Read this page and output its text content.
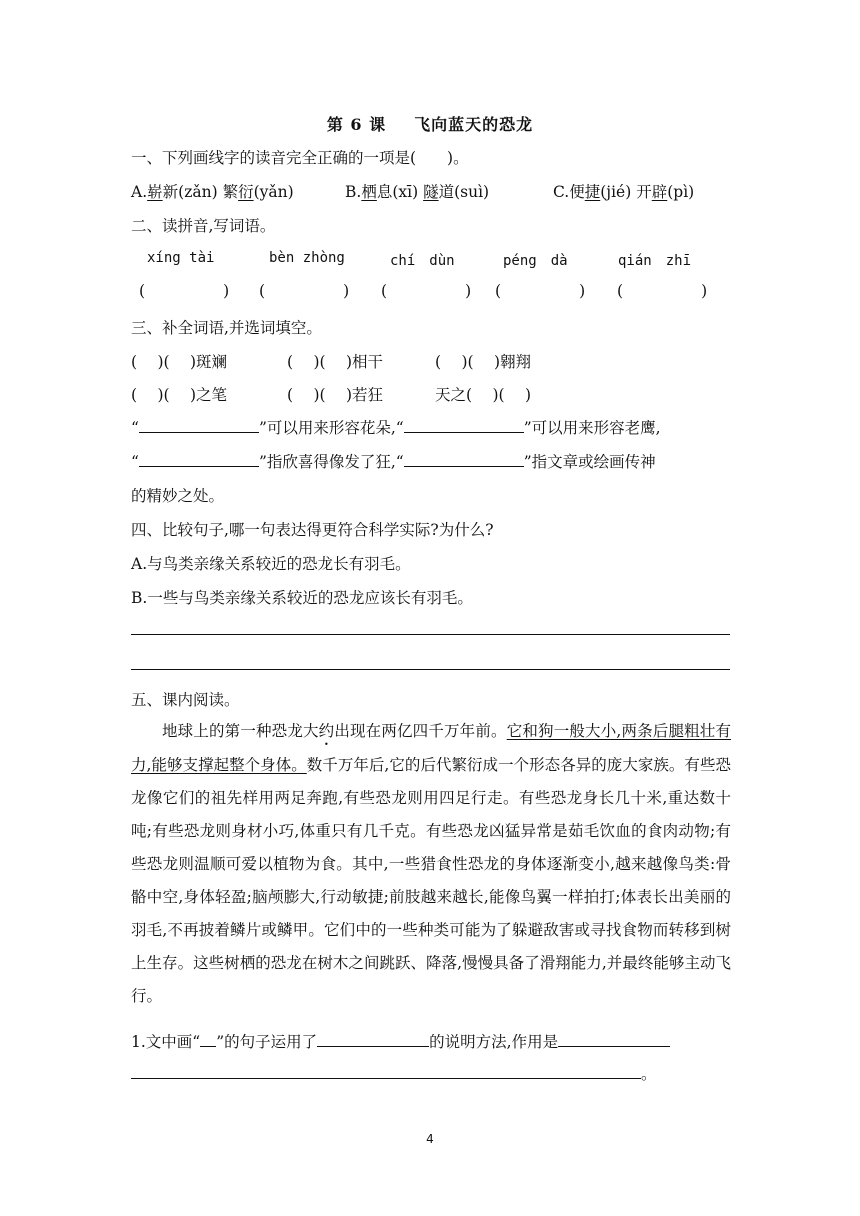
第 6 课 飞向蓝天的恐龙
一、下列画线字的读音完全正确的一项是(　　)。
A.崭新(zǎn) 繁衍(yǎn)	B.栖息(xī) 隧道(suì)	C.便捷(jié) 开辟(pì)
二、读拼音,写词语。
xíng tài	bèn zhòng	chí　dùn	péng　dà	qián　zhī
(	) (	) (	) (	) (	)
三、补全词语,并选词填空。
(　 )(　 )斑斓	(　 )(　 )相干	(　 )(　 )翱翔
(　 )(　 )之笔	(　 )(　 )若狂	天之(　 )(　 )
“	”可以用来形容花朵,“	”可以用来形容老鹰,
“	”指欣喜得像发了狂,“	”指文章或绘画传神
的精妙之处。
四、比较句子,哪一句表达得更符合科学实际?为什么?
A.与鸟类亲缘关系较近的恐龙长有羽毛。
B.一些与鸟类亲缘关系较近的恐龙应该长有羽毛。
五、课内阅读。
地球上的第一种恐龙大约出现在两亿四千万年前。它和狗一般大小,两条后腿粗壮有力,能够支撑起整个身体。数千万年后,它的后代繁衍成一个形态各异的庞大家族。有些恐龙像它们的祖先样用两足奔跑,有些恐龙则用四足行走。有些恐龙身长几十米,重达数十吨;有些恐龙则身材小巧,体重只有几千克。有些恐龙凶猛异常是茹毛饮血的食肉动物;有些恐龙则温顺可爱以植物为食。其中,一些猎食性恐龙的身体逐渐变小,越来越像鸟类:骨骼中空,身体轻盈;脑颅膨大,行动敏捷;前肢越来越长,能像鸟翼一样拍打;体表长出美丽的羽毛,不再披着鳞片或鳞甲。它们中的一些种类可能为了躲避敌害或寻找食物而转移到树上生存。这些树栖的恐龙在树木之间跳跃、降落,慢慢具备了滑翔能力,并最终能够主动飞行。
1.文中画“ ”的句子运用了	的说明方法,作用是
。
4
